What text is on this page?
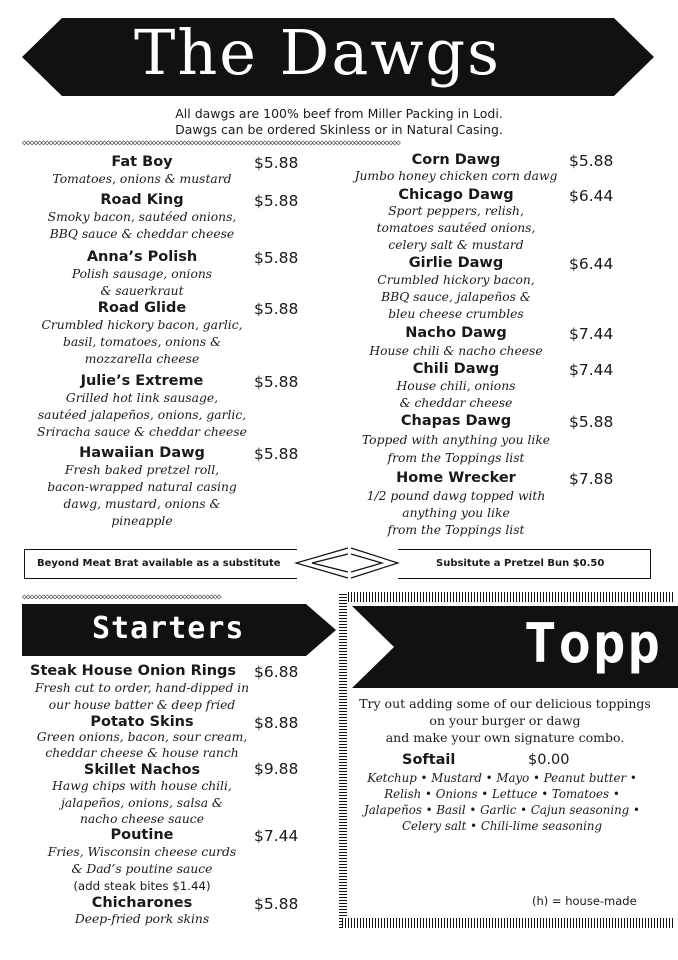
The Dawgs
All dawgs are 100% beef from Miller Packing in Lodi.
Dawgs can be ordered Skinless or in Natural Casing.
◇◇◇◇◇◇◇◇◇◇◇◇◇◇◇◇◇◇◇◇◇◇◇◇◇◇◇◇◇◇◇◇◇◇◇◇◇◇◇◇◇◇◇◇◇◇◇◇◇◇◇◇◇◇◇◇◇◇◇◇◇◇◇◇◇◇◇◇◇◇◇◇◇◇◇◇◇◇◇◇◇◇◇◇◇◇◇◇◇◇◇◇◇◇◇◇◇◇◇
Fat Boy	$5.88
Tomatoes, onions & mustard
Road King	$5.88
Smoky bacon, sautéed onions,
BBQ sauce & cheddar cheese
Anna’s Polish	$5.88
Polish sausage, onions
& sauerkraut
Road Glide	$5.88
Crumbled hickory bacon, garlic,
basil, tomatoes, onions &
mozzarella cheese
Julie’s Extreme	$5.88
Grilled hot link sausage,
sautéed jalapeños, onions, garlic,
Sriracha sauce & cheddar cheese
Hawaiian Dawg	$5.88
Fresh baked pretzel roll,
bacon-wrapped natural casing
dawg, mustard, onions &
pineapple
Corn Dawg	$5.88
Jumbo honey chicken corn dawg
Chicago Dawg	$6.44
Sport peppers, relish,
tomatoes sautéed onions,
celery salt & mustard
Girlie Dawg	$6.44
Crumbled hickory bacon,
BBQ sauce, jalapeños &
bleu cheese crumbles
Nacho Dawg	$7.44
House chili & nacho cheese
Chili Dawg	$7.44
House chili, onions
& cheddar cheese
Chapas Dawg	$5.88
Topped with anything you like
from the Toppings list
Home Wrecker	$7.88
1/2 pound dawg topped with
anything you like
from the Toppings list
Beyond Meat Brat available as a substitute	Subsitute a Pretzel Bun $0.50
◇◇◇◇◇◇◇◇◇◇◇◇◇◇◇◇◇◇◇◇◇◇◇◇◇◇◇◇◇◇◇◇◇◇◇◇◇◇◇◇◇◇◇◇◇◇◇◇◇◇◇◇
Starters
Steak House Onion Rings $6.88
Fresh cut to order, hand-dipped in
our house batter & deep fried
Potato Skins	$8.88
Green onions, bacon, sour cream,
cheddar cheese & house ranch
Skillet Nachos	$9.88
Hawg chips with house chili,
jalapeños, onions, salsa &
nacho cheese sauce
Poutine	$7.44
Fries, Wisconsin cheese curds
& Dad’s poutine sauce
(add steak bites $1.44)
Chicharones	$5.88
Deep-fried pork skins
Topp
Try out adding some of our delicious toppings
on your burger or dawg
and make your own signature combo.
Softail	$0.00
Ketchup • Mustard • Mayo • Peanut butter •
Relish • Onions • Lettuce • Tomatoes •
Jalapeños • Basil • Garlic • Cajun seasoning •
Celery salt • Chili-lime seasoning
(h) = house-made
